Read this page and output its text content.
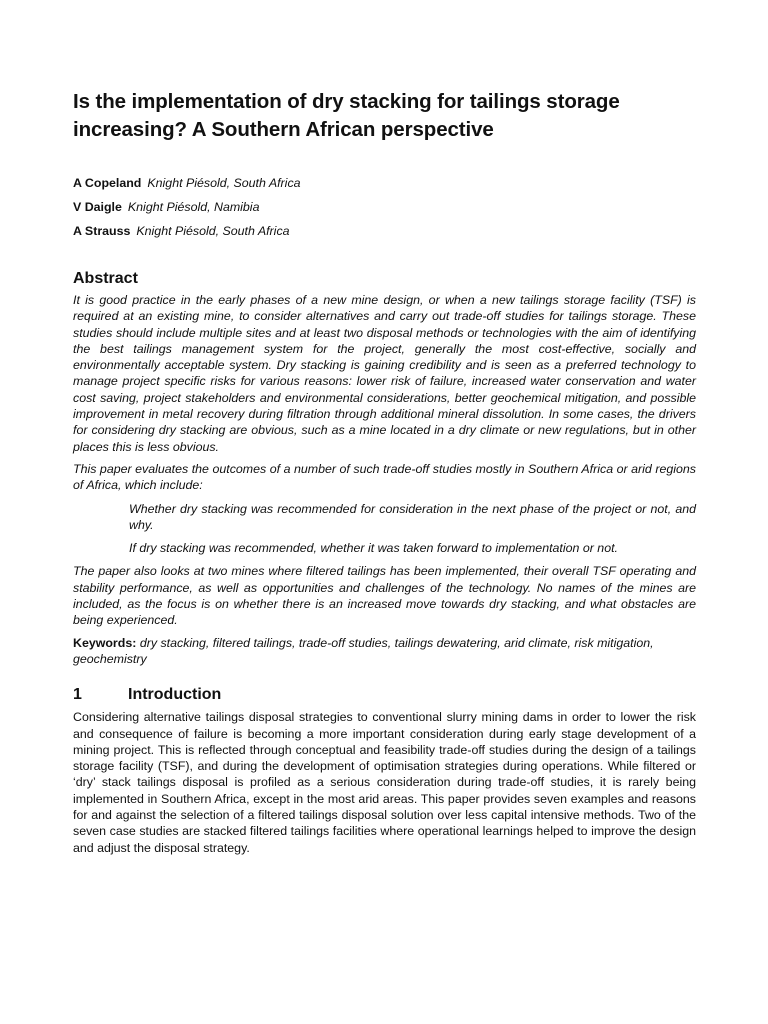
Is the implementation of dry stacking for tailings storage increasing? A Southern African perspective
A Copeland Knight Piésold, South Africa
V Daigle Knight Piésold, Namibia
A Strauss Knight Piésold, South Africa
Abstract

It is good practice in the early phases of a new mine design, or when a new tailings storage facility (TSF) is required at an existing mine, to consider alternatives and carry out trade-off studies for tailings storage. These studies should include multiple sites and at least two disposal methods or technologies with the aim of identifying the best tailings management system for the project, generally the most cost-effective, socially and environmentally acceptable system. Dry stacking is gaining credibility and is seen as a preferred technology to manage project specific risks for various reasons: lower risk of failure, increased water conservation and water cost saving, project stakeholders and environmental considerations, better geochemical mitigation, and possible improvement in metal recovery during filtration through additional mineral dissolution. In some cases, the drivers for considering dry stacking are obvious, such as a mine located in a dry climate or new regulations, but in other places this is less obvious.

This paper evaluates the outcomes of a number of such trade-off studies mostly in Southern Africa or arid regions of Africa, which include:

Whether dry stacking was recommended for consideration in the next phase of the project or not, and why.

If dry stacking was recommended, whether it was taken forward to implementation or not.

The paper also looks at two mines where filtered tailings has been implemented, their overall TSF operating and stability performance, as well as opportunities and challenges of the technology. No names of the mines are included, as the focus is on whether there is an increased move towards dry stacking, and what obstacles are being experienced.

Keywords: dry stacking, filtered tailings, trade-off studies, tailings dewatering, arid climate, risk mitigation, geochemistry

1	Introduction

Considering alternative tailings disposal strategies to conventional slurry mining dams in order to lower the risk and consequence of failure is becoming a more important consideration during early stage development of a mining project. This is reflected through conceptual and feasibility trade-off studies during the design of a tailings storage facility (TSF), and during the development of optimisation strategies during operations. While filtered or ‘dry’ stack tailings disposal is profiled as a serious consideration during trade-off studies, it is rarely being implemented in Southern Africa, except in the most arid areas. This paper provides seven examples and reasons for and against the selection of a filtered tailings disposal solution over less capital intensive methods. Two of the seven case studies are stacked filtered tailings facilities where operational learnings helped to improve the design and adjust the disposal strategy.
